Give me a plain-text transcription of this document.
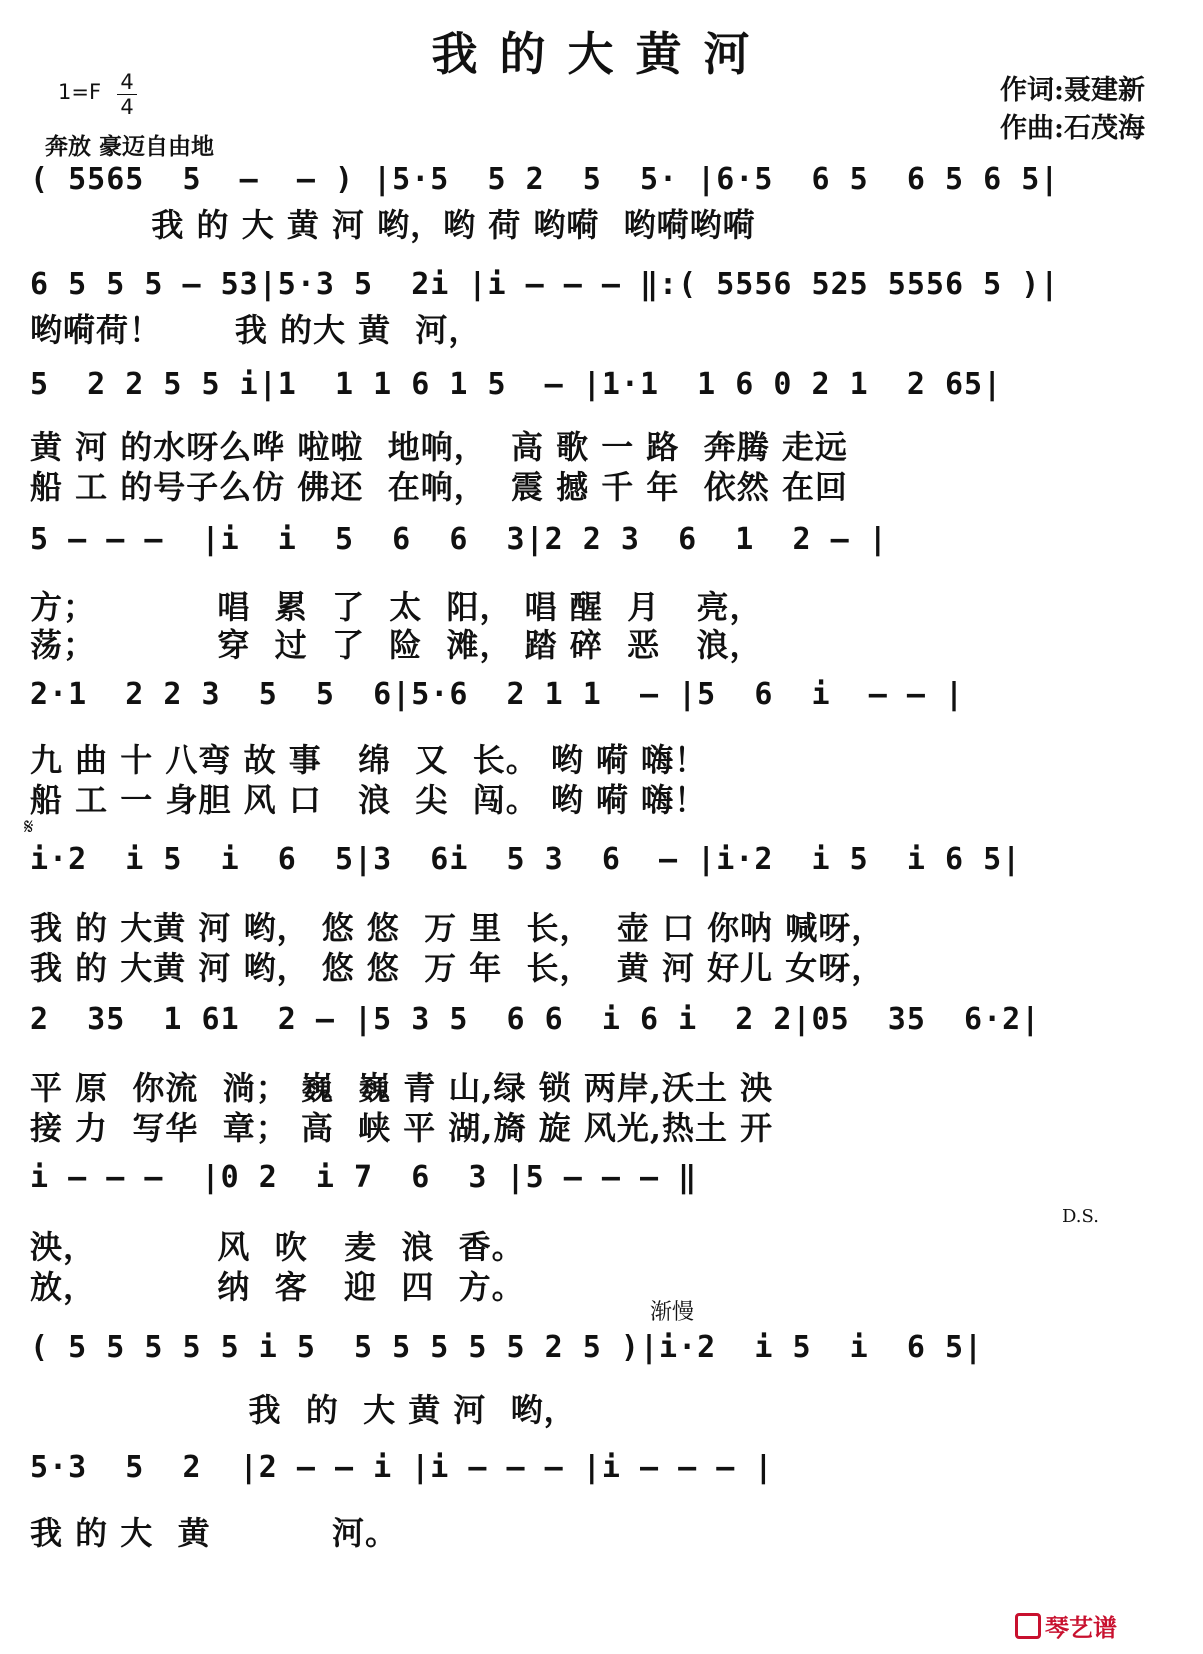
我的大黄河
作词:聂建新
作曲:石茂海
1=F 4
4
奔放 豪迈自由地
( 5565  5  –  – ) |5·5  5 2  5  5· |6·5  6 5  6 5 6 5|
我 的 大 黄 河 哟，哟 荷 哟嗬  哟嗬哟嗬
6 5 5 5 – 53|5·3 5  2i |i – – – ‖:( 5556 525 5556 5 )|
哟嗬荷！      我 的大 黄  河，
5  2 2 5 5 i|1  1 1 6 1 5  – |1·1  1 6 0 2 1  2 65|
黄 河 的水呀么哗 啦啦  地响，  高 歌 一 路  奔腾 走远
船 工 的号子么仿 佛还  在响，  震 撼 千 年  依然 在回
5 – – –  |i  i  5  6  6  3|2 2 3  6  1  2 – |
方；          唱  累  了  太  阳， 唱 醒  月   亮，
荡；          穿  过  了  险  滩， 踏 碎  恶   浪，
2·1  2 2 3  5  5  6|5·6  2 1 1  – |5  6  i  – – |
九 曲 十 八弯 故 事   绵  又  长。 哟 嗬 嗨！
船 工 一 身胆 风 口   浪  尖  闯。 哟 嗬 嗨！
𝄋
i·2  i 5  i  6  5|3  6i  5 3  6  – |i·2  i 5  i 6 5|
我 的 大黄 河 哟， 悠 悠  万 里  长，  壶 口 你呐 喊呀，
我 的 大黄 河 哟， 悠 悠  万 年  长，  黄 河 好儿 女呀，
2  35  1 61  2 – |5 3 5  6 6  i 6 i  2 2|05  35  6·2|
平 原  你流  淌； 巍  巍 青 山,绿 锁 两岸,沃土 泱
接 力  写华  章； 高  峡 平 湖,旖 旋 风光,热土 开
i – – –  |0 2  i 7  6  3 |5 – – – ‖
D.S.
泱，          风  吹   麦  浪  香。
放，          纳  客   迎  四  方。
渐慢
( 5 5 5 5 5 i 5  5 5 5 5 5 2 5 )|i·2  i 5  i  6 5|
我  的  大 黄 河  哟，
5·3  5  2  |2 – – i |i – – – |i – – – |
我 的 大  黄          河。
琴艺谱
